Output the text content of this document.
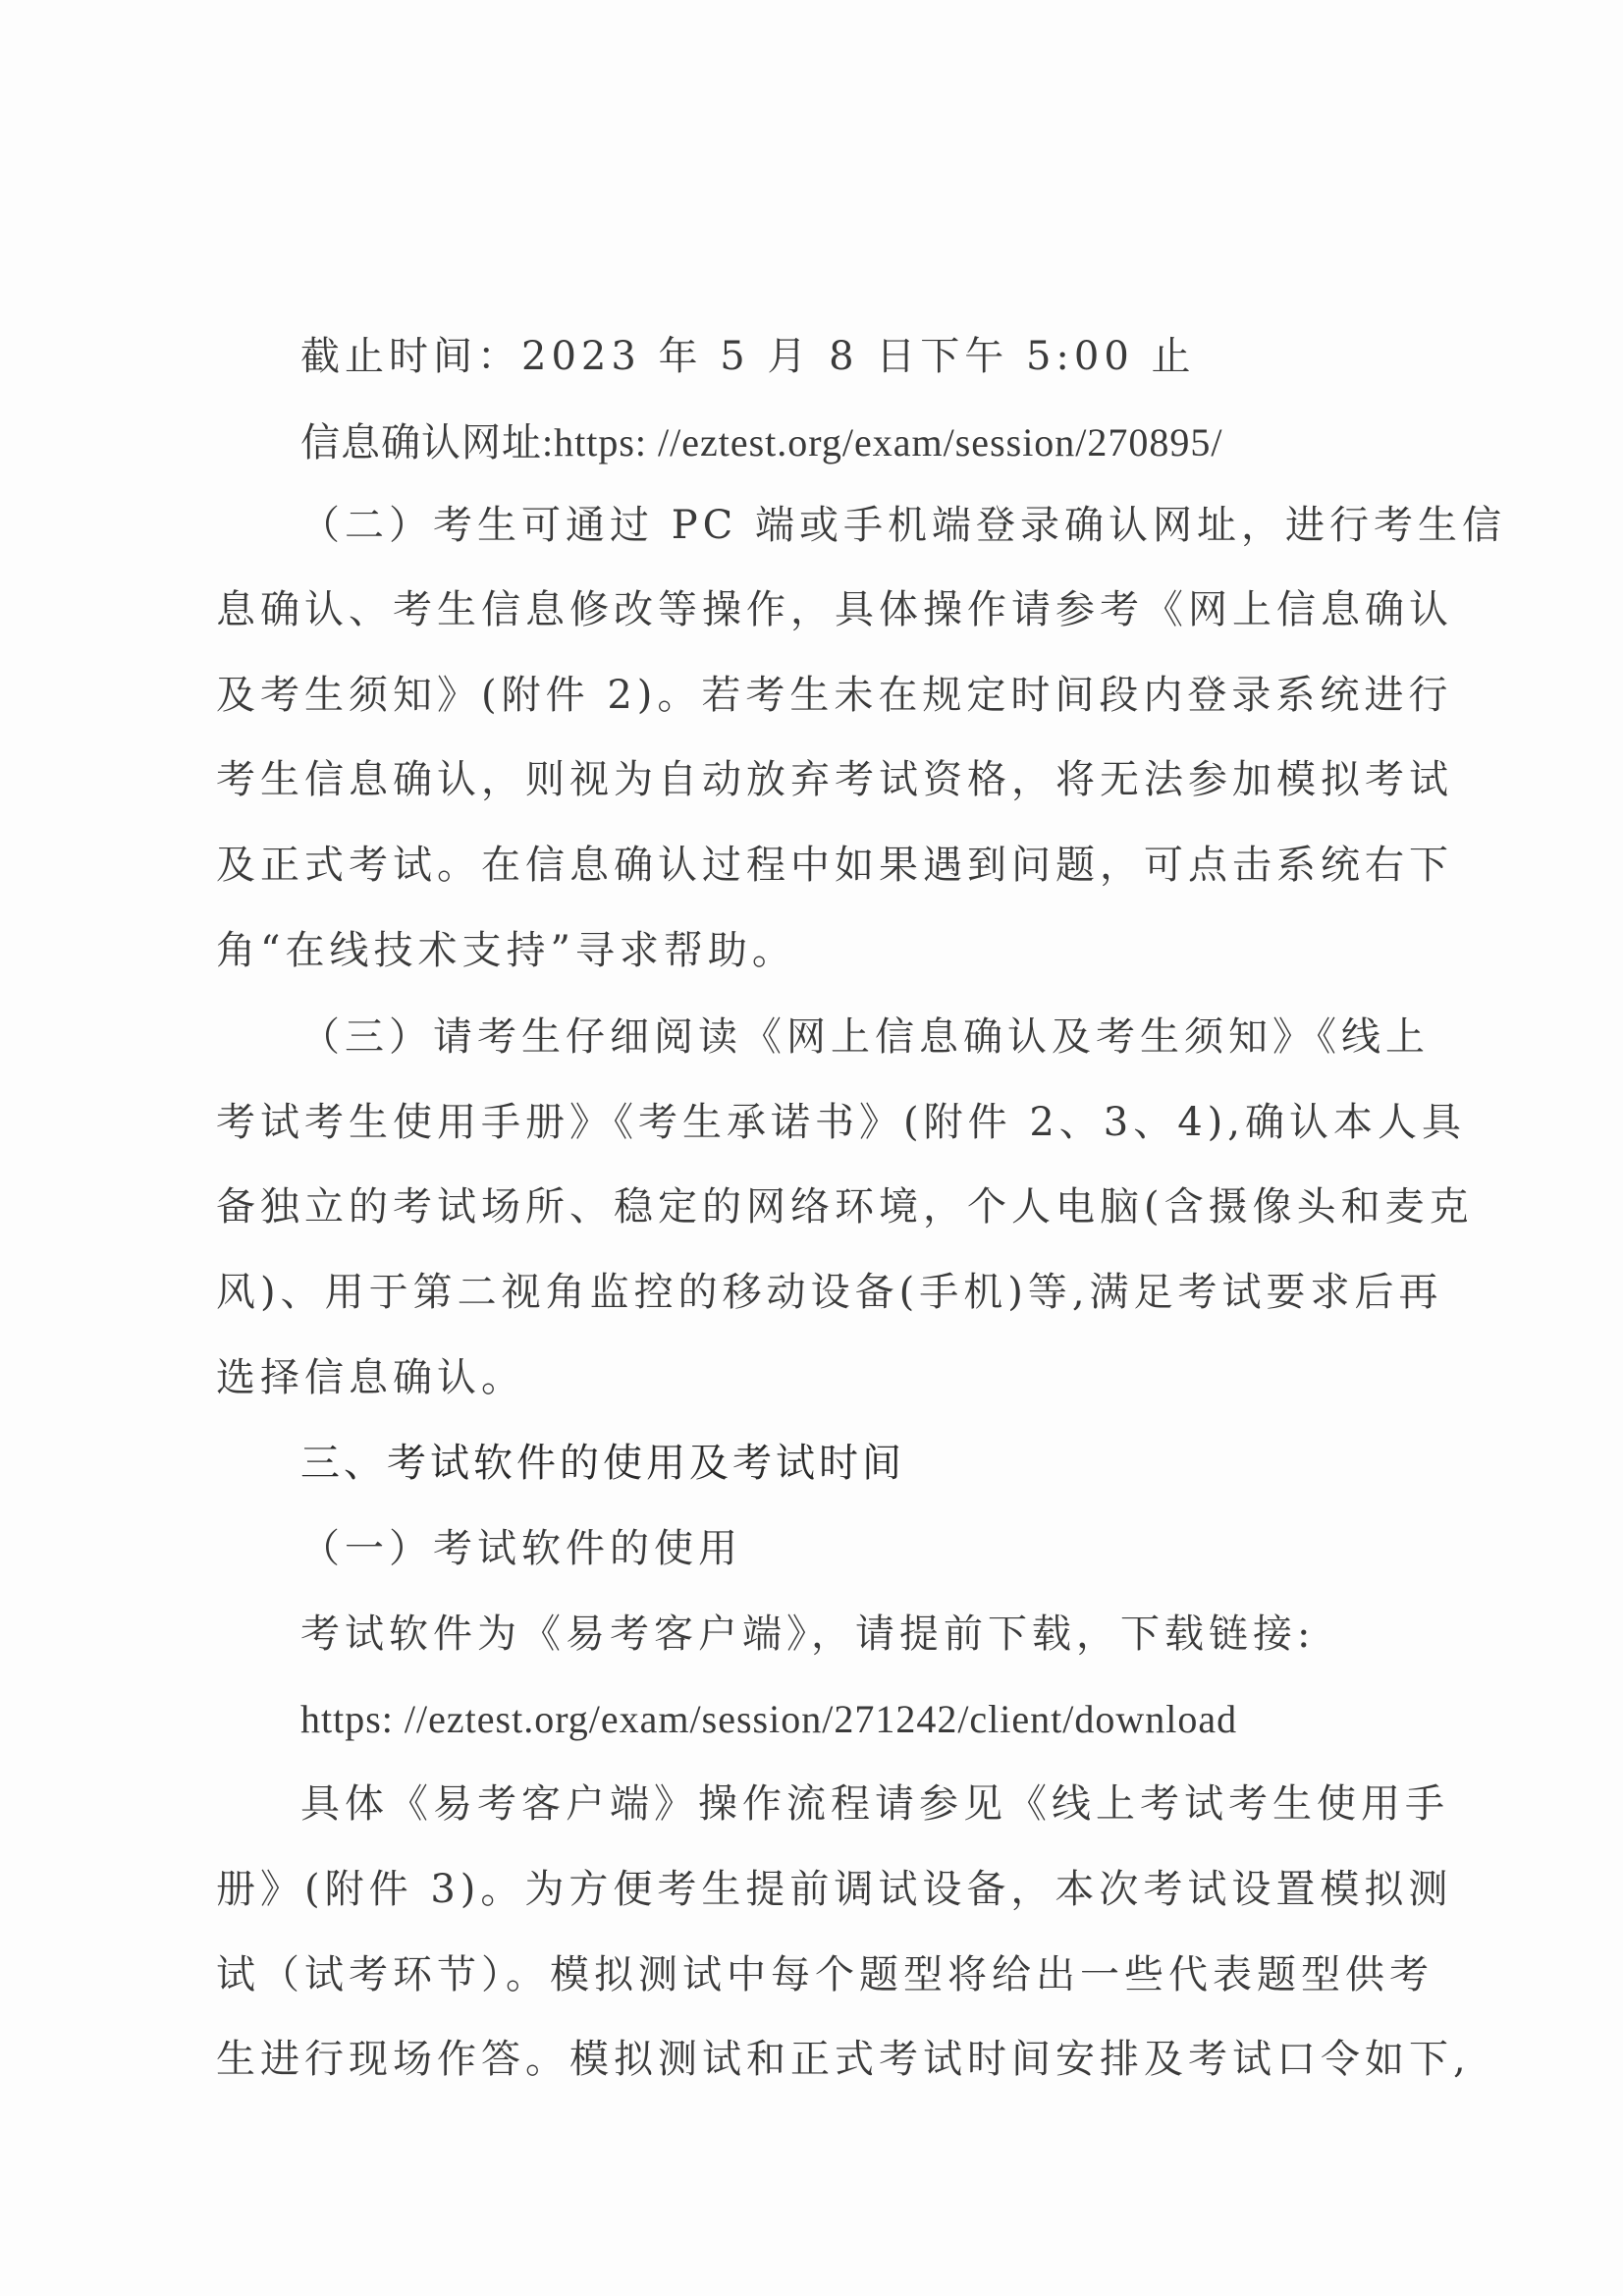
截止时间：2023 年 5 月 8 日下午 5:00 止
信息确认网址:https: //eztest.org/exam/session/270895/
（二）考生可通过 PC 端或手机端登录确认网址，进行考生信
息确认、考生信息修改等操作，具体操作请参考《网上信息确认
及考生须知》(附件 2)。若考生未在规定时间段内登录系统进行
考生信息确认，则视为自动放弃考试资格，将无法参加模拟考试
及正式考试。在信息确认过程中如果遇到问题，可点击系统右下
角“在线技术支持”寻求帮助。
（三）请考生仔细阅读《网上信息确认及考生须知》《线上
考试考生使用手册》《考生承诺书》(附件 2、3、4),确认本人具
备独立的考试场所、稳定的网络环境，个人电脑(含摄像头和麦克
风)、用于第二视角监控的移动设备(手机)等,满足考试要求后再
选择信息确认。
三、考试软件的使用及考试时间
（一）考试软件的使用
考试软件为《易考客户端》，请提前下载，下载链接:
https: //eztest.org/exam/session/271242/client/download
具体《易考客户端》操作流程请参见《线上考试考生使用手
册》(附件 3)。为方便考生提前调试设备，本次考试设置模拟测
试（试考环节）。模拟测试中每个题型将给出一些代表题型供考
生进行现场作答。模拟测试和正式考试时间安排及考试口令如下,
